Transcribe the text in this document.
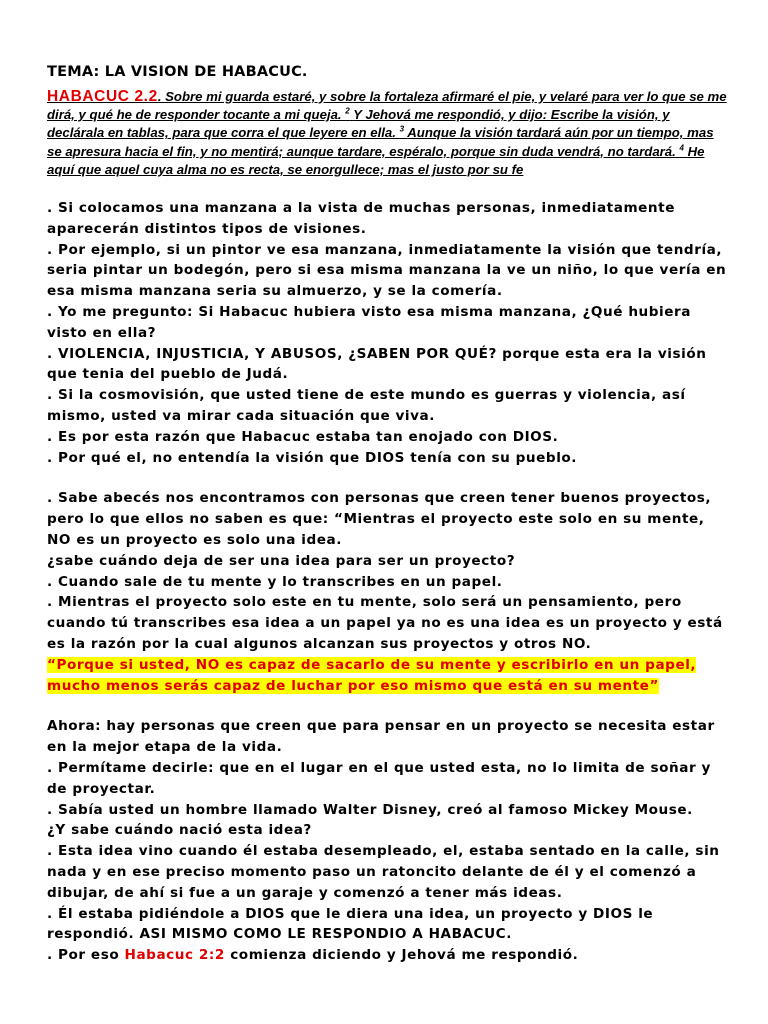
TEMA: LA VISION DE HABACUC.

HABACUC 2.2. Sobre mi guarda estaré, y sobre la fortaleza afirmaré el pie, y velaré para ver lo que se me dirá, y qué he de responder tocante a mi queja. $^2$ Y Jehová me respondió, y dijo: Escribe la visión, y declárala en tablas, para que corra el que leyere en ella. $^3$ Aunque la visión tardará aún por un tiempo, mas se apresura hacia el fin, y no mentirá; aunque tardare, espéralo, porque sin duda vendrá, no tardará. $^4$ He aquí que aquel cuya alma no es recta, se enorgullece; mas el justo por su fe

. Si colocamos una manzana a la vista de muchas personas, inmediatamente aparecerán distintos tipos de visiones.

. Por ejemplo, si un pintor ve esa manzana, inmediatamente la visión que tendría, seria pintar un bodegón, pero si esa misma manzana la ve un niño, lo que vería en esa misma manzana seria su almuerzo, y se la comería.

. Yo me pregunto: Si Habacuc hubiera visto esa misma manzana, ¿Qué hubiera visto en ella?

. VIOLENCIA, INJUSTICIA, Y ABUSOS, ¿SABEN POR QUÉ? porque esta era la visión que tenia del pueblo de Judá.

. Si la cosmovisión, que usted tiene de este mundo es guerras y violencia, así mismo, usted va mirar cada situación que viva.

. Es por esta razón que Habacuc estaba tan enojado con DIOS.

. Por qué el, no entendía la visión que DIOS tenía con su pueblo.

. Sabe abecés nos encontramos con personas que creen tener buenos proyectos, pero lo que ellos no saben es que: “Mientras el proyecto este solo en su mente, NO es un proyecto es solo una idea.

¿sabe cuándo deja de ser una idea para ser un proyecto?

. Cuando sale de tu mente y lo transcribes en un papel.

. Mientras el proyecto solo este en tu mente, solo será un pensamiento, pero cuando tú transcribes esa idea a un papel ya no es una idea es un proyecto y está es la razón por la cual algunos alcanzan sus proyectos y otros NO.

“Porque si usted, NO es capaz de sacarlo de su mente y escribirlo en un papel, mucho menos serás capaz de luchar por eso mismo que está en su mente”

Ahora: hay personas que creen que para pensar en un proyecto se necesita estar en la mejor etapa de la vida.

. Permítame decirle: que en el lugar en el que usted esta, no lo limita de soñar y de proyectar.

. Sabía usted un hombre llamado Walter Disney, creó al famoso Mickey Mouse.

¿Y sabe cuándo nació esta idea?

. Esta idea vino cuando él estaba desempleado, el, estaba sentado en la calle, sin nada y en ese preciso momento paso un ratoncito delante de él y el comenzó a dibujar, de ahí si fue a un garaje y comenzó a tener más ideas.

. Él estaba pidiéndole a DIOS que le diera una idea, un proyecto y DIOS le respondió. ASI MISMO COMO LE RESPONDIO A HABACUC.

. Por eso Habacuc 2:2 comienza diciendo y Jehová me respondió.
